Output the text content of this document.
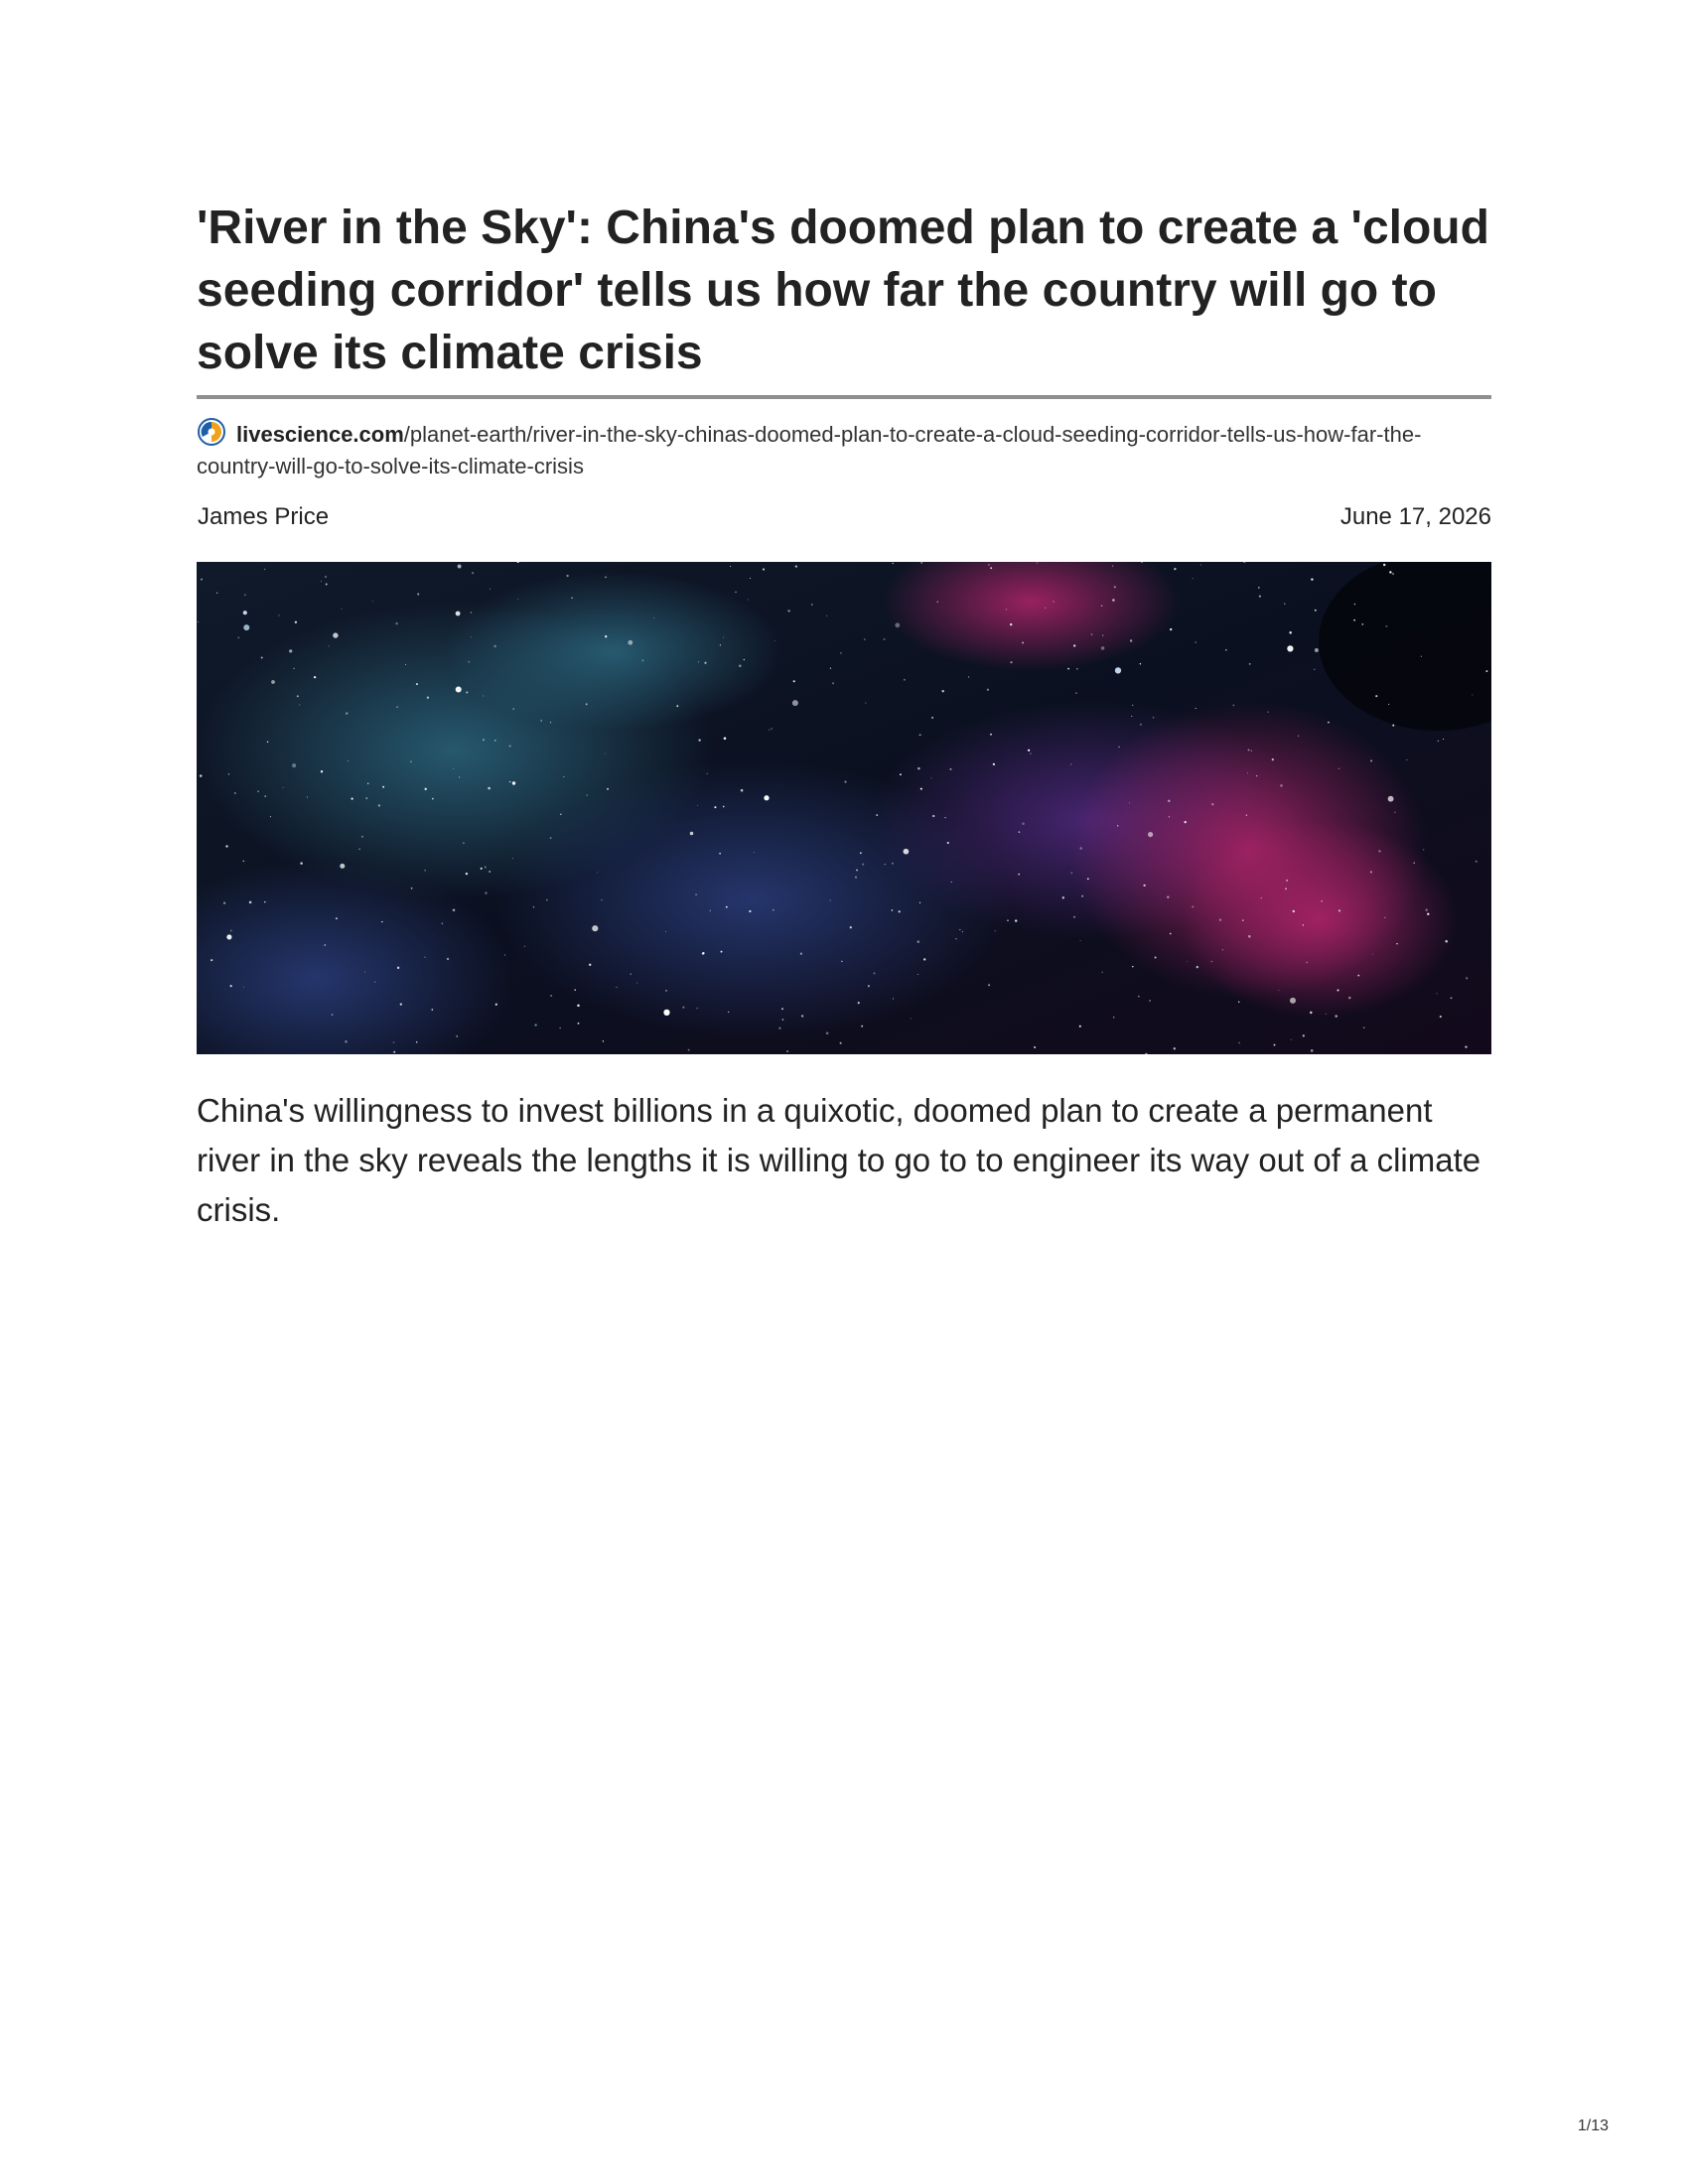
'River in the Sky': China's doomed plan to create a 'cloud seeding corridor' tells us how far the country will go to solve its climate crisis
livescience.com/planet-earth/river-in-the-sky-chinas-doomed-plan-to-create-a-cloud-seeding-corridor-tells-us-how-far-the-country-will-go-to-solve-its-climate-crisis
James Price	June 17, 2026

China's willingness to invest billions in a quixotic, doomed plan to create a permanent river in the sky reveals the lengths it is willing to go to to engineer its way out of a climate crisis.

1/13
